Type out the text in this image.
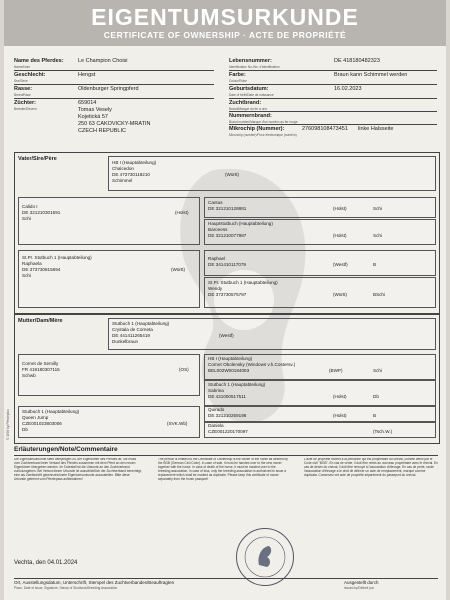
EIGENTUMSURKUNDE
CERTIFICATE OF OWNERSHIP · ACTE DE PROPRIÉTÉ
Name des Pferdes:
Name/Nom
Le Champion Choisi
Geschlecht:
Sex/Sexe
Hengst
Rasse:
Breed/Race
Oldenburger Springpferd
Züchter:
Breeder/Eleveur
659014
Tomas Vesely
Kojetická 57
250 63 CAKOVICKY-MRATIN
CZECH REPUBLIC
Lebensnummer:
Identification No./No. d'identification
DE 418180482323
Farbe:
Colour/Robe
Braun kann Schimmel werden
Geburtsdatum:
Date of birth/Date de naissance
16.02.2023
Zuchtbrand:
Brand/Marque du fer à une
Nummernbrand:
Brand number/Marque d'un numéro au fer rouge
Mikrochip (Nummer):
Microchip (number)/Puce électronique (numéro)
276098108473451 linke Halsseite
Vater/Sire/Père
HB I (Hauptabteilung)
Chalcedon
DE 473730118210
Schimmel
(Württ)
Calido I
DE 321210301691
Schi
(Holst)
Cantus
DE 321210128881	(Holst)	Schi
Hauptstutbuch (Hauptabteilung)
Baroness
DE 321210077987	(Holst)	Schi
St.Pr. Stutbuch 1 (Hauptabteilung)
Raphaela
DE 373730815694
Schi
(Württ)
Raphael
DE 341410117079	(Westf)	B
St.Pr. Stutbuch 1 (Hauptabteilung)
Wendy
DE 373730575787	(Württ)	BSchi
Mutter/Dam/Mère	Stutbuch 1 (Hauptabteilung)
Crystala de Corneta
DE 441411265419
Dunkelbraun
(Westf)
Cornet de Semilly
FR 418180307115
Schwb
(OS)
HB I (Hauptabteilung)
Cornet Obolensky (Windows v.h.Costersv.)
BEL002W00184083	(BWP)	Schi
Stutbuch 1 (Hauptabteilung)
Sabrina
DE 421000517511	(Holst)	Db
Stutbuch 1 (Hauptabteilung)
Queen Jump
CZE001023803006
Db
(SVK.Wb)
Quirado
DE 321210259198	(Holst)	B
Daniela
CZE001220170097	(Tsch.W.)
© 1999 by Pferdeplus
Erläuterungen/Note/Commentaire
Die Eigentumsurkunde steht demjenigen zu, der Eigentümer des Pferdes ist. Sie muss vom Zuchtverband beim Verkauf des Pferdes zusammen mit dem Pferd an den neuen Eigentümer übergeben werden. Im Todesfall ist die Urkunde an den Zuchtverband zurückzugeben. Bei Verlust dieser Urkunde ist ausschließlich der Zuchtverband berechtigt, eine als Zweitschrift gekennzeichnete Eigentumsurkunde auszustellen. Bitte diese Urkunde getrennt vom Pferdepass aufbewahren!
The person is entitled to the Certificate of Ownership is the owner of the horse as defined by the BGB (German Civil Code). In case of sale, it must be handed over to the new owner together with the horse. In case of death of the horse, it must be handed over to the breeding association. In case of loss, only the breeding association is authorized to issue a replacement which shall be marked as duplicate. Please keep this certificate of owner separately from the horse passport!
L'acte de propriété revient à la personne qui est propriétaire du cheval, comme défini par le Code civil "BGB". En cas de vente, il doit être remis au nouveau propriétaire avec le cheval. En cas de décès du cheval, il doit être renvoyé à l'association d'élevage. En cas de perte, seule l'association d'élevage a le droit de délivrer un acte de remplacement, marqué comme duplicata. Conservez cet acte de propriété séparément du passeport du cheval.
Vechta, den 04.01.2024
Ort, Ausstellungsdatum, Unterschrift, Stempel des Zuchtverbandes/Beauftragten
Place, Date of issue, Signature, Stamp of Studbook/Breeding Association
Ausgestellt durch
Issued by/Délivré par
